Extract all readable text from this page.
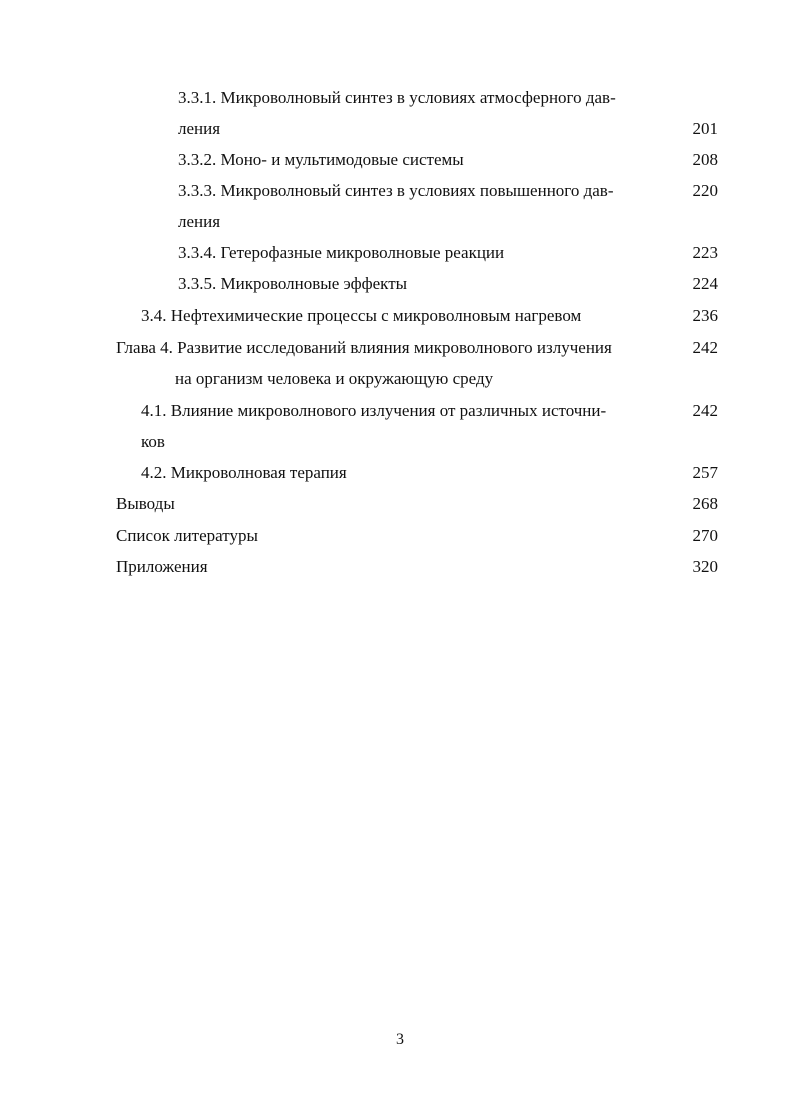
3.3.1. Микроволновый синтез в условиях атмосферного дав-
ления	201
3.3.2. Моно- и мультимодовые системы	208
3.3.3. Микроволновый синтез в условиях повышенного дав-	220
ления
3.3.4. Гетерофазные микроволновые реакции	223
3.3.5. Микроволновые эффекты	224
3.4. Нефтехимические процессы с микроволновым нагревом	236
Глава 4. Развитие исследований влияния микроволнового излучения	242
на организм человека и окружающую среду
4.1. Влияние микроволнового излучения от различных источни-	242
ков
4.2. Микроволновая терапия	257
Выводы	268
Список литературы	270
Приложения	320
3
